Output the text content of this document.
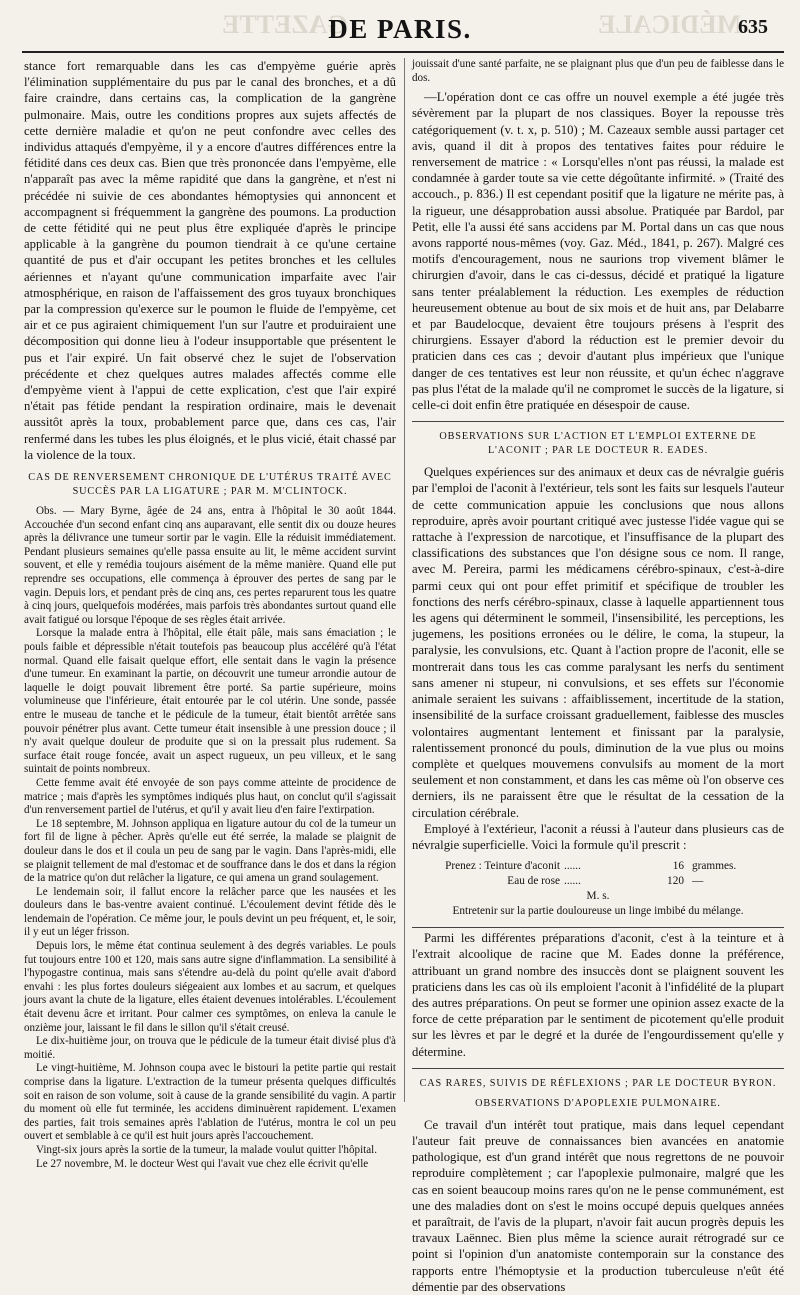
GAZETTE	MÉDICALE
DE PARIS.	635

stance fort remarquable dans les cas d'empyème guérie après l'élimination supplémentaire du pus par le canal des bronches, et a dû faire craindre, dans certains cas, la complication de la gangrène pulmonaire. Mais, outre les conditions propres aux sujets affectés de cette dernière maladie et qu'on ne peut confondre avec celles des individus attaqués d'empyème, il y a encore d'autres différences entre la fétidité dans ces deux cas. Bien que très prononcée dans l'empyème, elle n'apparaît pas avec la même rapidité que dans la gangrène, et n'est ni précédée ni suivie de ces abondantes hémoptysies qui annoncent et accompagnent si fréquemment la gangrène des poumons. La production de cette fétidité qui ne peut plus être expliquée d'après le principe applicable à la gangrène du poumon tiendrait à ce qu'une certaine quantité de pus et d'air occupant les petites bronches et les cellules aériennes et n'ayant qu'une communication imparfaite avec l'air atmosphérique, en raison de l'affaissement des gros tuyaux bronchiques par la compression qu'exerce sur le poumon le fluide de l'empyème, cet air et ce pus agiraient chimiquement l'un sur l'autre et produiraient une décomposition qui donne lieu à l'odeur insupportable que présentent le pus et l'air expiré. Un fait observé chez le sujet de l'observation précédente et chez quelques autres malades affectés comme elle d'empyème vient à l'appui de cette explication, c'est que l'air expiré n'était pas fétide pendant la respiration ordinaire, mais le devenait aussitôt après la toux, probablement parce que, dans ces cas, l'air renfermé dans les tubes les plus éloignés, et le plus vicié, était chassé par la violence de la toux.

CAS DE RENVERSEMENT CHRONIQUE DE L'UTÉRUS TRAITÉ AVEC SUCCÈS PAR LA LIGATURE ; PAR M. M'CLINTOCK.

Obs. — Mary Byrne, âgée de 24 ans, entra à l'hôpital le 30 août 1844. Accouchée d'un second enfant cinq ans auparavant, elle sentit dix ou douze heures après la délivrance une tumeur sortir par le vagin. Elle la réduisit immédiatement. Pendant plusieurs semaines qu'elle passa ensuite au lit, le même accident survint souvent, et elle y remédia toujours aisément de la même manière. Quand elle put reprendre ses occupations, elle commença à éprouver des pertes de sang par le vagin. Depuis lors, et pendant près de cinq ans, ces pertes reparurent tous les quatre à cinq jours, quelquefois modérées, mais parfois très abondantes surtout quand elle avait fatigué ou lorsque l'époque de ses règles était arrivée.

Lorsque la malade entra à l'hôpital, elle était pâle, mais sans émaciation ; le pouls faible et dépressible n'était toutefois pas beaucoup plus accéléré qu'à l'état normal. Quand elle faisait quelque effort, elle sentait dans le vagin la présence d'une tumeur. En examinant la partie, on découvrit une tumeur arrondie autour de laquelle le doigt pouvait librement être porté. Sa partie supérieure, moins volumineuse que l'inférieure, était entourée par le col utérin. Une sonde, passée entre le museau de tanche et le pédicule de la tumeur, était bientôt arrêtée sans pouvoir pénétrer plus avant. Cette tumeur était insensible à une pression douce ; il n'y avait quelque douleur de produite que si on la pressait plus rudement. Sa surface était rouge foncée, avait un aspect rugueux, un peu villeux, et le sang suintait de points nombreux.

Cette femme avait été envoyée de son pays comme atteinte de procidence de matrice ; mais d'après les symptômes indiqués plus haut, on conclut qu'il s'agissait d'un renversement partiel de l'utérus, et qu'il y avait lieu d'en faire l'extirpation.

Le 18 septembre, M. Johnson appliqua en ligature autour du col de la tumeur un fort fil de ligne à pêcher. Après qu'elle eut été serrée, la malade se plaignit de douleur dans le dos et il coula un peu de sang par le vagin. Dans l'après-midi, elle se plaignit tellement de mal d'estomac et de souffrance dans le dos et dans la région de la matrice qu'on dut relâcher la ligature, ce qui amena un grand soulagement.

Le lendemain soir, il fallut encore la relâcher parce que les nausées et les douleurs dans le bas-ventre avaient continué. L'écoulement devint fétide dès le lendemain de l'opération. Ce même jour, le pouls devint un peu fréquent, et, le soir, il y eut un léger frisson.

Depuis lors, le même état continua seulement à des degrés variables. Le pouls fut toujours entre 100 et 120, mais sans autre signe d'inflammation. La sensibilité à l'hypogastre continua, mais sans s'étendre au-delà du point qu'elle avait d'abord envahi : les plus fortes douleurs siégeaient aux lombes et au sacrum, et quelques jours avant la chute de la ligature, elles étaient devenues intolérables. L'écoulement était devenu âcre et irritant. Pour calmer ces symptômes, on enleva la canule le onzième jour, laissant le fil dans le sillon qu'il s'était creusé.

Le dix-huitième jour, on trouva que le pédicule de la tumeur était divisé plus d'à moitié.

Le vingt-huitième, M. Johnson coupa avec le bistouri la petite partie qui restait comprise dans la ligature. L'extraction de la tumeur présenta quelques difficultés soit en raison de son volume, soit à cause de la grande sensibilité du vagin. A partir du moment où elle fut terminée, les accidens diminuèrent rapidement. L'examen des parties, fait trois semaines après l'ablation de l'utérus, montra le col un peu ouvert et semblable à ce qu'il est huit jours après l'accouchement.

Vingt-six jours après la sortie de la tumeur, la malade voulut quitter l'hôpital.

Le 27 novembre, M. le docteur West qui l'avait vue chez elle écrivit qu'elle

jouissait d'une santé parfaite, ne se plaignant plus que d'un peu de faiblesse dans le dos.

—L'opération dont ce cas offre un nouvel exemple a été jugée très sévèrement par la plupart de nos classiques. Boyer la repousse très catégoriquement (v. t. x, p. 510) ; M. Cazeaux semble aussi partager cet avis, quand il dit à propos des tentatives faites pour réduire le renversement de matrice : « Lorsqu'elles n'ont pas réussi, la malade est condamnée à garder toute sa vie cette dégoûtante infirmité. » (Traité des accouch., p. 836.) Il est cependant positif que la ligature ne mérite pas, à la rigueur, une désapprobation aussi absolue. Pratiquée par Bardol, par Petit, elle l'a aussi été sans accidens par M. Portal dans un cas que nous avons rapporté nous-mêmes (voy. Gaz. Méd., 1841, p. 267). Malgré ces motifs d'encouragement, nous ne saurions trop vivement blâmer le chirurgien d'avoir, dans le cas ci-dessus, décidé et pratiqué la ligature sans tenter préalablement la réduction. Les exemples de réduction heureusement obtenue au bout de six mois et de huit ans, par Delabarre et par Baudelocque, devaient être toujours présens à l'esprit des chirurgiens. Essayer d'abord la réduction est le premier devoir du praticien dans ces cas ; devoir d'autant plus impérieux que l'unique danger de ces tentatives est leur non réussite, et qu'un échec n'aggrave pas plus l'état de la malade qu'il ne compromet le succès de la ligature, si celle-ci doit enfin être pratiquée en désespoir de cause.

OBSERVATIONS SUR L'ACTION ET L'EMPLOI EXTERNE DE L'ACONIT ; PAR LE DOCTEUR R. EADES.

Quelques expériences sur des animaux et deux cas de névralgie guéris par l'emploi de l'aconit à l'extérieur, tels sont les faits sur lesquels l'auteur de cette communication appuie les conclusions que nous allons reproduire, après avoir pourtant critiqué avec justesse l'idée vague qui se rattache à l'expression de narcotique, et l'insuffisance de la plupart des classifications des substances que l'on désigne sous ce nom. Il range, avec M. Pereira, parmi les médicamens cérébro-spinaux, c'est-à-dire parmi ceux qui ont pour effet primitif et spécifique de troubler les fonctions des nerfs cérébro-spinaux, classe à laquelle appartiennent tous les agens qui déterminent le sommeil, l'insensibilité, les perceptions, les jugemens, les positions erronées ou le délire, le coma, la stupeur, la paralysie, les convulsions, etc. Quant à l'action propre de l'aconit, elle se montrerait dans tous les cas comme paralysant les nerfs du sentiment sans amener ni stupeur, ni convulsions, et ses effets sur l'économie animale seraient les suivans : affaiblissement, incertitude de la station, insensibilité de la surface croissant graduellement, faiblesse des muscles volontaires augmentant lentement et finissant par la paralysie, ralentissement prononcé du pouls, diminution de la vue plus ou moins complète et quelques mouvemens convulsifs au moment de la mort seulement et non constamment, et dans les cas même où l'on observe ces derniers, ils ne paraissent être que le résultat de la cessation de la circulation cérébrale.

Employé à l'extérieur, l'aconit a réussi à l'auteur dans plusieurs cas de névralgie superficielle. Voici la formule qu'il prescrit :

Prenez : Teinture d'aconit ......	16 grammes.
Eau de rose ......	120 —
M. s.
Entretenir sur la partie douloureuse un linge imbibé du mélange.

Parmi les différentes préparations d'aconit, c'est à la teinture et à l'extrait alcoolique de racine que M. Eades donne la préférence, attribuant un grand nombre des insuccès dont se plaignent souvent les praticiens dans les cas où ils emploient l'aconit à l'infidélité de la plupart des autres préparations. On peut se former une opinion assez exacte de la force de cette préparation par le sentiment de picotement qu'elle produit sur les lèvres et par le degré et la durée de l'engourdissement qu'elle y détermine.

CAS RARES, SUIVIS DE RÉFLEXIONS ; PAR LE DOCTEUR BYRON.
OBSERVATIONS D'APOPLEXIE PULMONAIRE.

Ce travail d'un intérêt tout pratique, mais dans lequel cependant l'auteur fait preuve de connaissances bien avancées en anatomie pathologique, est d'un grand intérêt que nous regrettons de ne pouvoir reproduire complètement ; car l'apoplexie pulmonaire, malgré que les cas en soient beaucoup moins rares qu'on ne le pense communément, est une des maladies dont on s'est le moins occupé depuis quelques années et paraîtrait, de l'avis de la plupart, n'avoir fait aucun progrès depuis les travaux Laënnec. Bien plus même la science aurait rétrogradé sur ce point si l'opinion d'un anatomiste contemporain sur la constance des rapports entre l'hémoptysie et la production tuberculeuse n'eût été démentie par des observations
